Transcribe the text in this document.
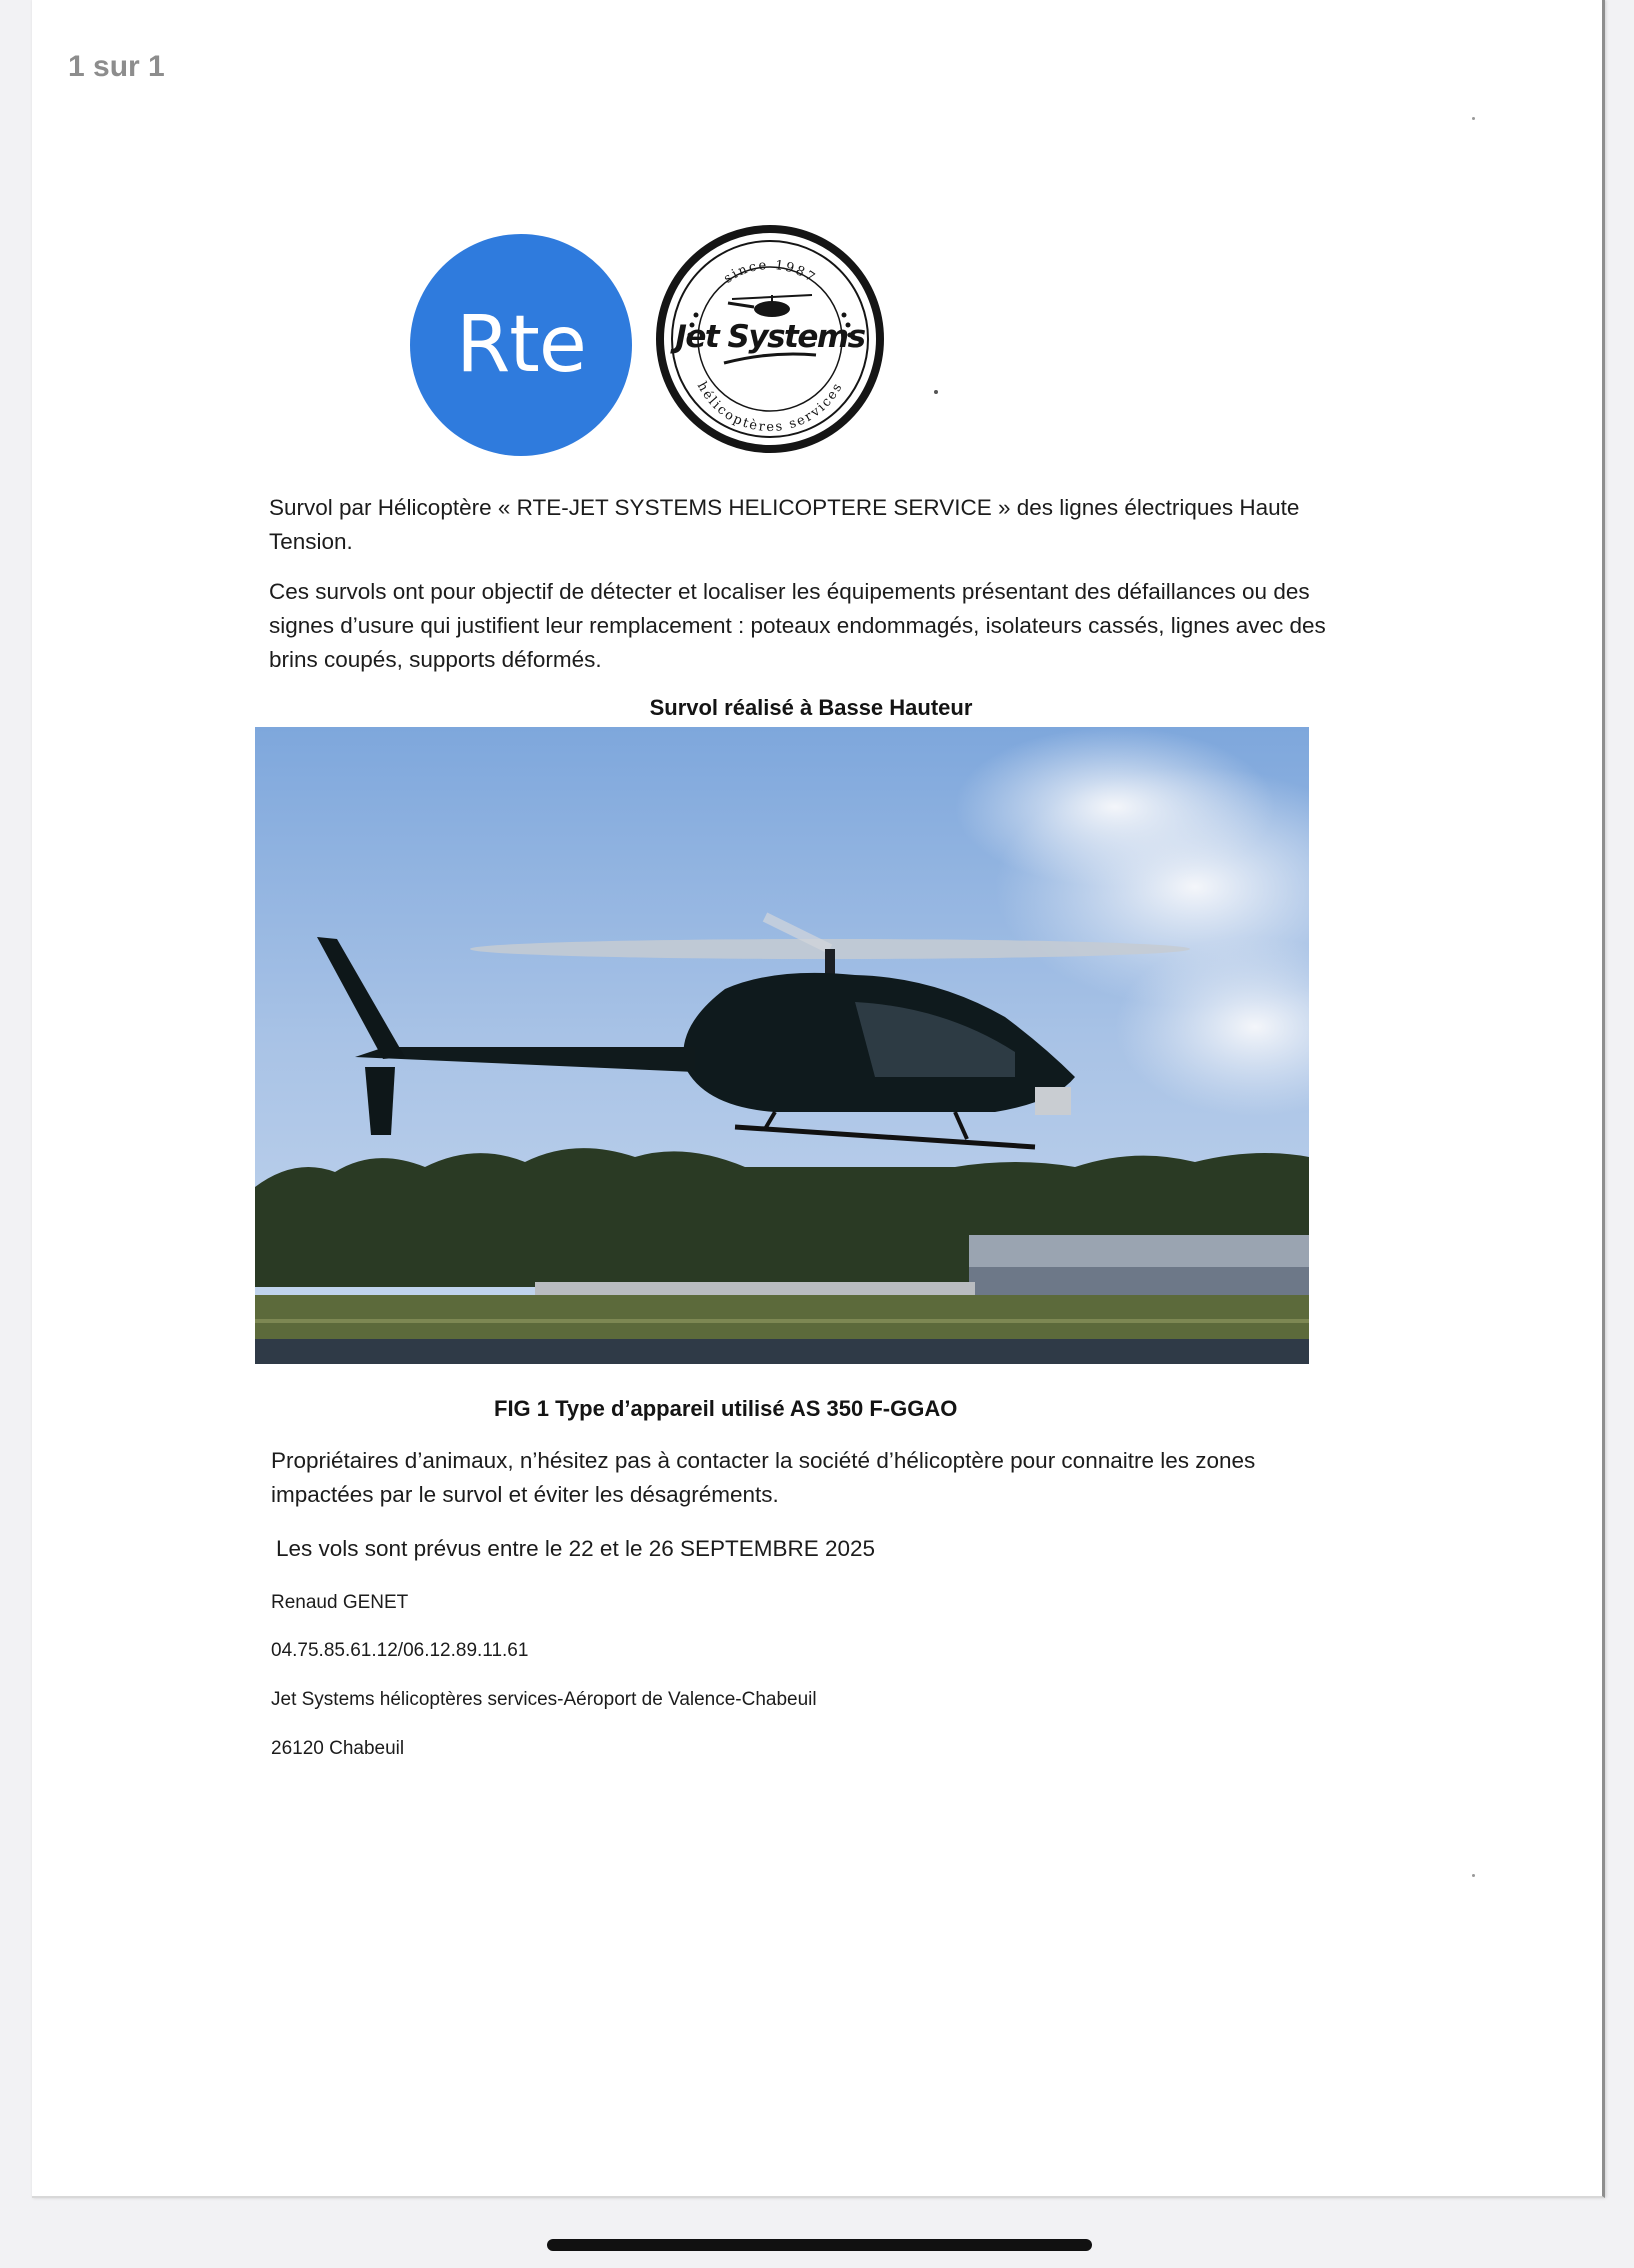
1 sur 1
Rte
since 1987
hélicoptères services
Jet Systems
Survol par Hélicoptère « RTE-JET SYSTEMS HELICOPTERE SERVICE » des lignes électriques Haute Tension.
Ces survols ont pour objectif de détecter et localiser les équipements présentant des défaillances ou des signes d’usure qui justifient leur remplacement : poteaux endommagés, isolateurs cassés, lignes avec des brins coupés, supports déformés.
Survol réalisé à Basse Hauteur
FIG 1 Type d’appareil utilisé AS 350 F-GGAO
Propriétaires d’animaux, n’hésitez pas à contacter la société d’hélicoptère pour connaitre les zones impactées par le survol et éviter les désagréments.
Les vols sont prévus entre le 22 et le 26 SEPTEMBRE 2025
Renaud GENET
04.75.85.61.12/06.12.89.11.61
Jet Systems hélicoptères services-Aéroport de Valence-Chabeuil
26120 Chabeuil
